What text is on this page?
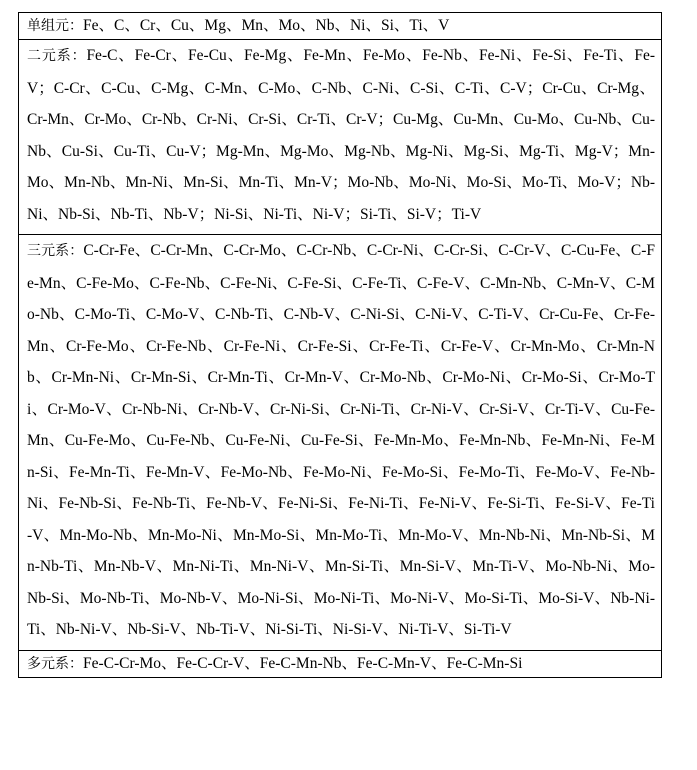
单组元：Fe、C、Cr、Cu、Mg、Mn、Mo、Nb、Ni、Si、Ti、V
二元系：Fe-C、Fe-Cr、Fe-Cu、Fe-Mg、Fe-Mn、Fe-Mo、Fe-Nb、Fe-Ni、Fe-Si、Fe-Ti、Fe-V；C-Cr、C-Cu、C-Mg、C-Mn、C-Mo、C-Nb、C-Ni、C-Si、C-Ti、C-V；Cr-Cu、Cr-Mg、Cr-Mn、Cr-Mo、Cr-Nb、Cr-Ni、Cr-Si、Cr-Ti、Cr-V；Cu-Mg、Cu-Mn、Cu-Mo、Cu-Nb、Cu-Nb、Cu-Si、Cu-Ti、Cu-V；Mg-Mn、Mg-Mo、Mg-Nb、Mg-Ni、Mg-Si、Mg-Ti、Mg-V；Mn-Mo、Mn-Nb、Mn-Ni、Mn-Si、Mn-Ti、Mn-V；Mo-Nb、Mo-Ni、Mo-Si、Mo-Ti、Mo-V；Nb-Ni、Nb-Si、Nb-Ti、Nb-V；Ni-Si、Ni-Ti、Ni-V；Si-Ti、Si-V；Ti-V
三元系：C-Cr-Fe、C-Cr-Mn、C-Cr-Mo、C-Cr-Nb、C-Cr-Ni、C-Cr-Si、C-Cr-V、C-Cu-Fe、C-Fe-Mn、C-Fe-Mo、C-Fe-Nb、C-Fe-Ni、C-Fe-Si、C-Fe-Ti、C-Fe-V、C-Mn-Nb、C-Mn-V、C-Mo-Nb、C-Mo-Ti、C-Mo-V、C-Nb-Ti、C-Nb-V、C-Ni-Si、C-Ni-V、C-Ti-V、Cr-Cu-Fe、Cr-Fe-Mn、Cr-Fe-Mo、Cr-Fe-Nb、Cr-Fe-Ni、Cr-Fe-Si、Cr-Fe-Ti、Cr-Fe-V、Cr-Mn-Mo、Cr-Mn-Nb、Cr-Mn-Ni、Cr-Mn-Si、Cr-Mn-Ti、Cr-Mn-V、Cr-Mo-Nb、Cr-Mo-Ni、Cr-Mo-Si、Cr-Mo-Ti、Cr-Mo-V、Cr-Nb-Ni、Cr-Nb-V、Cr-Ni-Si、Cr-Ni-Ti、Cr-Ni-V、Cr-Si-V、Cr-Ti-V、Cu-Fe-Mn、Cu-Fe-Mo、Cu-Fe-Nb、Cu-Fe-Ni、Cu-Fe-Si、Fe-Mn-Mo、Fe-Mn-Nb、Fe-Mn-Ni、Fe-Mn-Si、Fe-Mn-Ti、Fe-Mn-V、Fe-Mo-Nb、Fe-Mo-Ni、Fe-Mo-Si、Fe-Mo-Ti、Fe-Mo-V、Fe-Nb-Ni、Fe-Nb-Si、Fe-Nb-Ti、Fe-Nb-V、Fe-Ni-Si、Fe-Ni-Ti、Fe-Ni-V、Fe-Si-Ti、Fe-Si-V、Fe-Ti-V、Mn-Mo-Nb、Mn-Mo-Ni、Mn-Mo-Si、Mn-Mo-Ti、Mn-Mo-V、Mn-Nb-Ni、Mn-Nb-Si、Mn-Nb-Ti、Mn-Nb-V、Mn-Ni-Ti、Mn-Ni-V、Mn-Si-Ti、Mn-Si-V、Mn-Ti-V、Mo-Nb-Ni、Mo-Nb-Si、Mo-Nb-Ti、Mo-Nb-V、Mo-Ni-Si、Mo-Ni-Ti、Mo-Ni-V、Mo-Si-Ti、Mo-Si-V、Nb-Ni-Ti、Nb-Ni-V、Nb-Si-V、Nb-Ti-V、Ni-Si-Ti、Ni-Si-V、Ni-Ti-V、Si-Ti-V
多元系：Fe-C-Cr-Mo、Fe-C-Cr-V、Fe-C-Mn-Nb、Fe-C-Mn-V、Fe-C-Mn-Si
